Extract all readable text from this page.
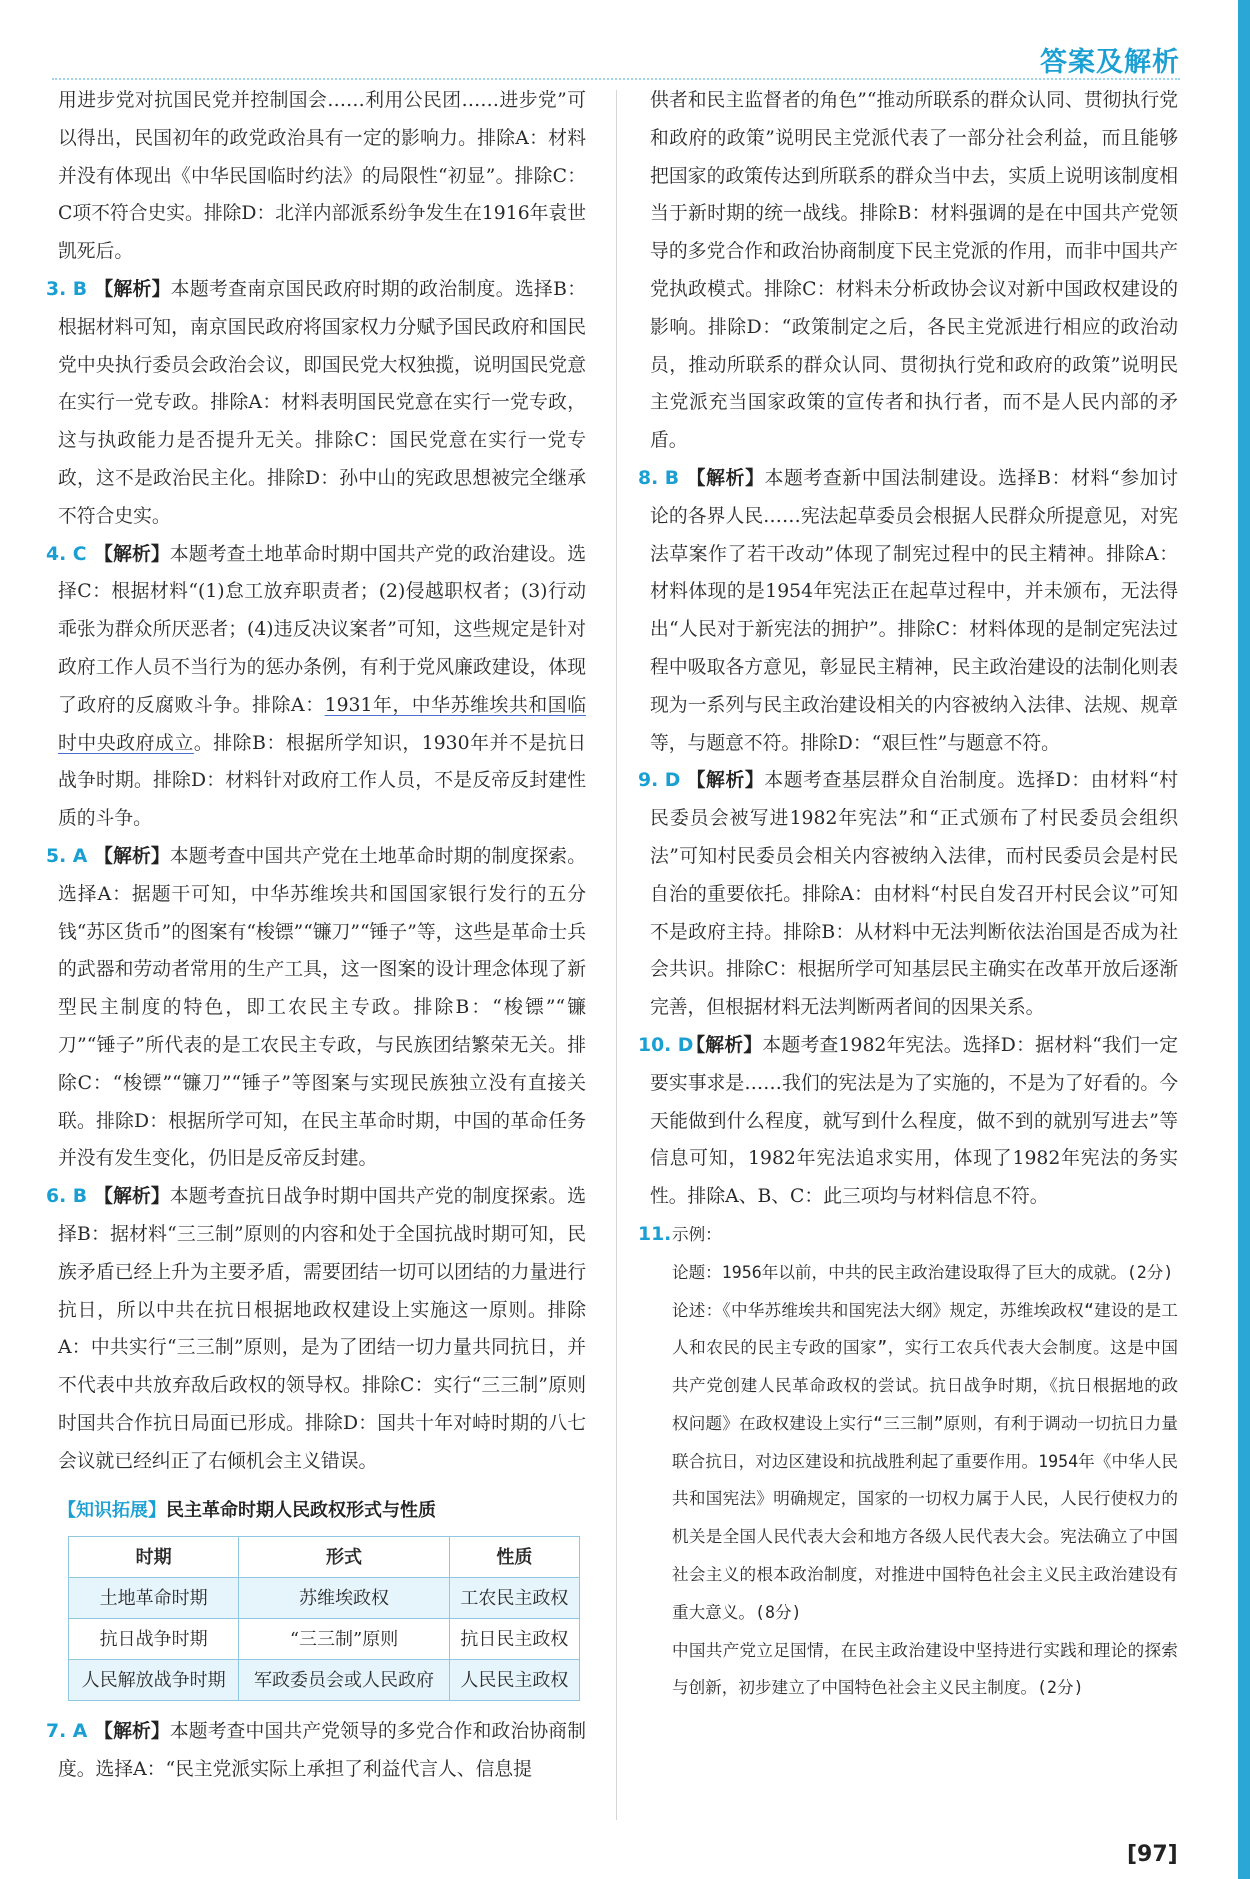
答案及解析

用进步党对抗国民党并控制国会……利用公民团……进步党”可以得出，民国初年的政党政治具有一定的影响力。排除A：材料并没有体现出《中华民国临时约法》的局限性“初显”。排除C：C项不符合史实。排除D：北洋内部派系纷争发生在1916年袁世凯死后。

3. B 【解析】本题考查南京国民政府时期的政治制度。选择B：根据材料可知，南京国民政府将国家权力分赋予国民政府和国民党中央执行委员会政治会议，即国民党大权独揽，说明国民党意在实行一党专政。排除A：材料表明国民党意在实行一党专政，这与执政能力是否提升无关。排除C：国民党意在实行一党专政，这不是政治民主化。排除D：孙中山的宪政思想被完全继承不符合史实。

4. C 【解析】本题考查土地革命时期中国共产党的政治建设。选择C：根据材料“(1)怠工放弃职责者；(2)侵越职权者；(3)行动乖张为群众所厌恶者；(4)违反决议案者”可知，这些规定是针对政府工作人员不当行为的惩办条例，有利于党风廉政建设，体现了政府的反腐败斗争。排除A：1931年，中华苏维埃共和国临时中央政府成立。排除B：根据所学知识，1930年并不是抗日战争时期。排除D：材料针对政府工作人员，不是反帝反封建性质的斗争。

5. A 【解析】本题考查中国共产党在土地革命时期的制度探索。选择A：据题干可知，中华苏维埃共和国国家银行发行的五分钱“苏区货币”的图案有“梭镖”“镰刀”“锤子”等，这些是革命士兵的武器和劳动者常用的生产工具，这一图案的设计理念体现了新型民主制度的特色，即工农民主专政。排除B：“梭镖”“镰刀”“锤子”所代表的是工农民主专政，与民族团结繁荣无关。排除C：“梭镖”“镰刀”“锤子”等图案与实现民族独立没有直接关联。排除D：根据所学可知，在民主革命时期，中国的革命任务并没有发生变化，仍旧是反帝反封建。

6. B 【解析】本题考查抗日战争时期中国共产党的制度探索。选择B：据材料“三三制”原则的内容和处于全国抗战时期可知，民族矛盾已经上升为主要矛盾，需要团结一切可以团结的力量进行抗日，所以中共在抗日根据地政权建设上实施这一原则。排除A：中共实行“三三制”原则，是为了团结一切力量共同抗日，并不代表中共放弃敌后政权的领导权。排除C：实行“三三制”原则时国共合作抗日局面已形成。排除D：国共十年对峙时期的八七会议就已经纠正了右倾机会主义错误。

【知识拓展】民主革命时期人民政权形式与性质
时期	形式	性质
土地革命时期	苏维埃政权	工农民主政权
抗日战争时期	“三三制”原则	抗日民主政权
人民解放战争时期	军政委员会或人民政府	人民民主政权

7. A 【解析】本题考查中国共产党领导的多党合作和政治协商制度。选择A：“民主党派实际上承担了利益代言人、信息提

供者和民主监督者的角色”“推动所联系的群众认同、贯彻执行党和政府的政策”说明民主党派代表了一部分社会利益，而且能够把国家的政策传达到所联系的群众当中去，实质上说明该制度相当于新时期的统一战线。排除B：材料强调的是在中国共产党领导的多党合作和政治协商制度下民主党派的作用，而非中国共产党执政模式。排除C：材料未分析政协会议对新中国政权建设的影响。排除D：“政策制定之后，各民主党派进行相应的政治动员，推动所联系的群众认同、贯彻执行党和政府的政策”说明民主党派充当国家政策的宣传者和执行者，而不是人民内部的矛盾。

8. B 【解析】本题考查新中国法制建设。选择B：材料“参加讨论的各界人民……宪法起草委员会根据人民群众所提意见，对宪法草案作了若干改动”体现了制宪过程中的民主精神。排除A：材料体现的是1954年宪法正在起草过程中，并未颁布，无法得出“人民对于新宪法的拥护”。排除C：材料体现的是制定宪法过程中吸取各方意见，彰显民主精神，民主政治建设的法制化则表现为一系列与民主政治建设相关的内容被纳入法律、法规、规章等，与题意不符。排除D：“艰巨性”与题意不符。

9. D 【解析】本题考查基层群众自治制度。选择D：由材料“村民委员会被写进1982年宪法”和“正式颁布了村民委员会组织法”可知村民委员会相关内容被纳入法律，而村民委员会是村民自治的重要依托。排除A：由材料“村民自发召开村民会议”可知不是政府主持。排除B：从材料中无法判断依法治国是否成为社会共识。排除C：根据所学可知基层民主确实在改革开放后逐渐完善，但根据材料无法判断两者间的因果关系。

10. D
【解析】本题考查1982年宪法。选择D：据材料“我们一定要实事求是……我们的宪法是为了实施的，不是为了好看的。今天能做到什么程度，就写到什么程度，做不到的就别写进去”等信息可知，1982年宪法追求实用，体现了1982年宪法的务实性。排除A、B、C：此三项均与材料信息不符。

11. 示例：

论题：1956年以前，中共的民主政治建设取得了巨大的成就。(2分)

论述：《中华苏维埃共和国宪法大纲》规定，苏维埃政权“建设的是工人和农民的民主专政的国家”，实行工农兵代表大会制度。这是中国共产党创建人民革命政权的尝试。抗日战争时期，《抗日根据地的政权问题》在政权建设上实行“三三制”原则，有利于调动一切抗日力量联合抗日，对边区建设和抗战胜利起了重要作用。1954年《中华人民共和国宪法》明确规定，国家的一切权力属于人民，人民行使权力的机关是全国人民代表大会和地方各级人民代表大会。宪法确立了中国社会主义的根本政治制度，对推进中国特色社会主义民主政治建设有重大意义。(8分)

中国共产党立足国情，在民主政治建设中坚持进行实践和理论的探索与创新，初步建立了中国特色社会主义民主制度。(2分)

[97]
